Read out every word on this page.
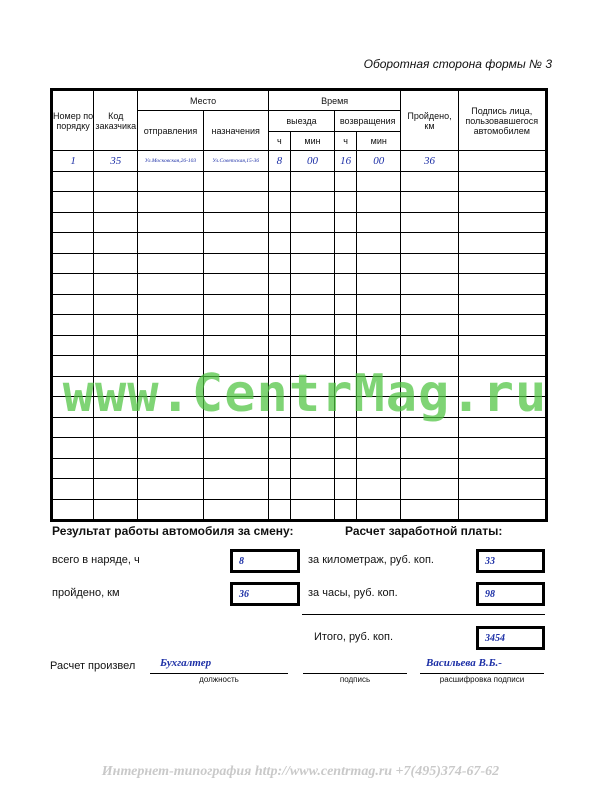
Оборотная сторона формы № 3
Номер по порядку	Код заказчика	Место		Время				Пройдено, км	Подпись лица, пользовавшегося автомобилем
		отправления	назначения	выезда		возвращения			
				ч	мин	ч	мин		
1	35	Ул.Московская,26-103	Ул.Советская,15-36	8	00	16	00	36	

www.CentrMag.ru
Результат работы автомобиля за смену:
всего в наряде, ч	8
пройдено, км	36
Расчет заработной платы:
за километраж, руб. коп.	33
за часы, руб. коп.	98
Итого, руб. коп.	3454
Расчет произвел Бухгалтер
должность	подпись
Васильева В.Б.-
расшифровка подписи
Интернет-типография http://www.centrmag.ru +7(495)374-67-62
